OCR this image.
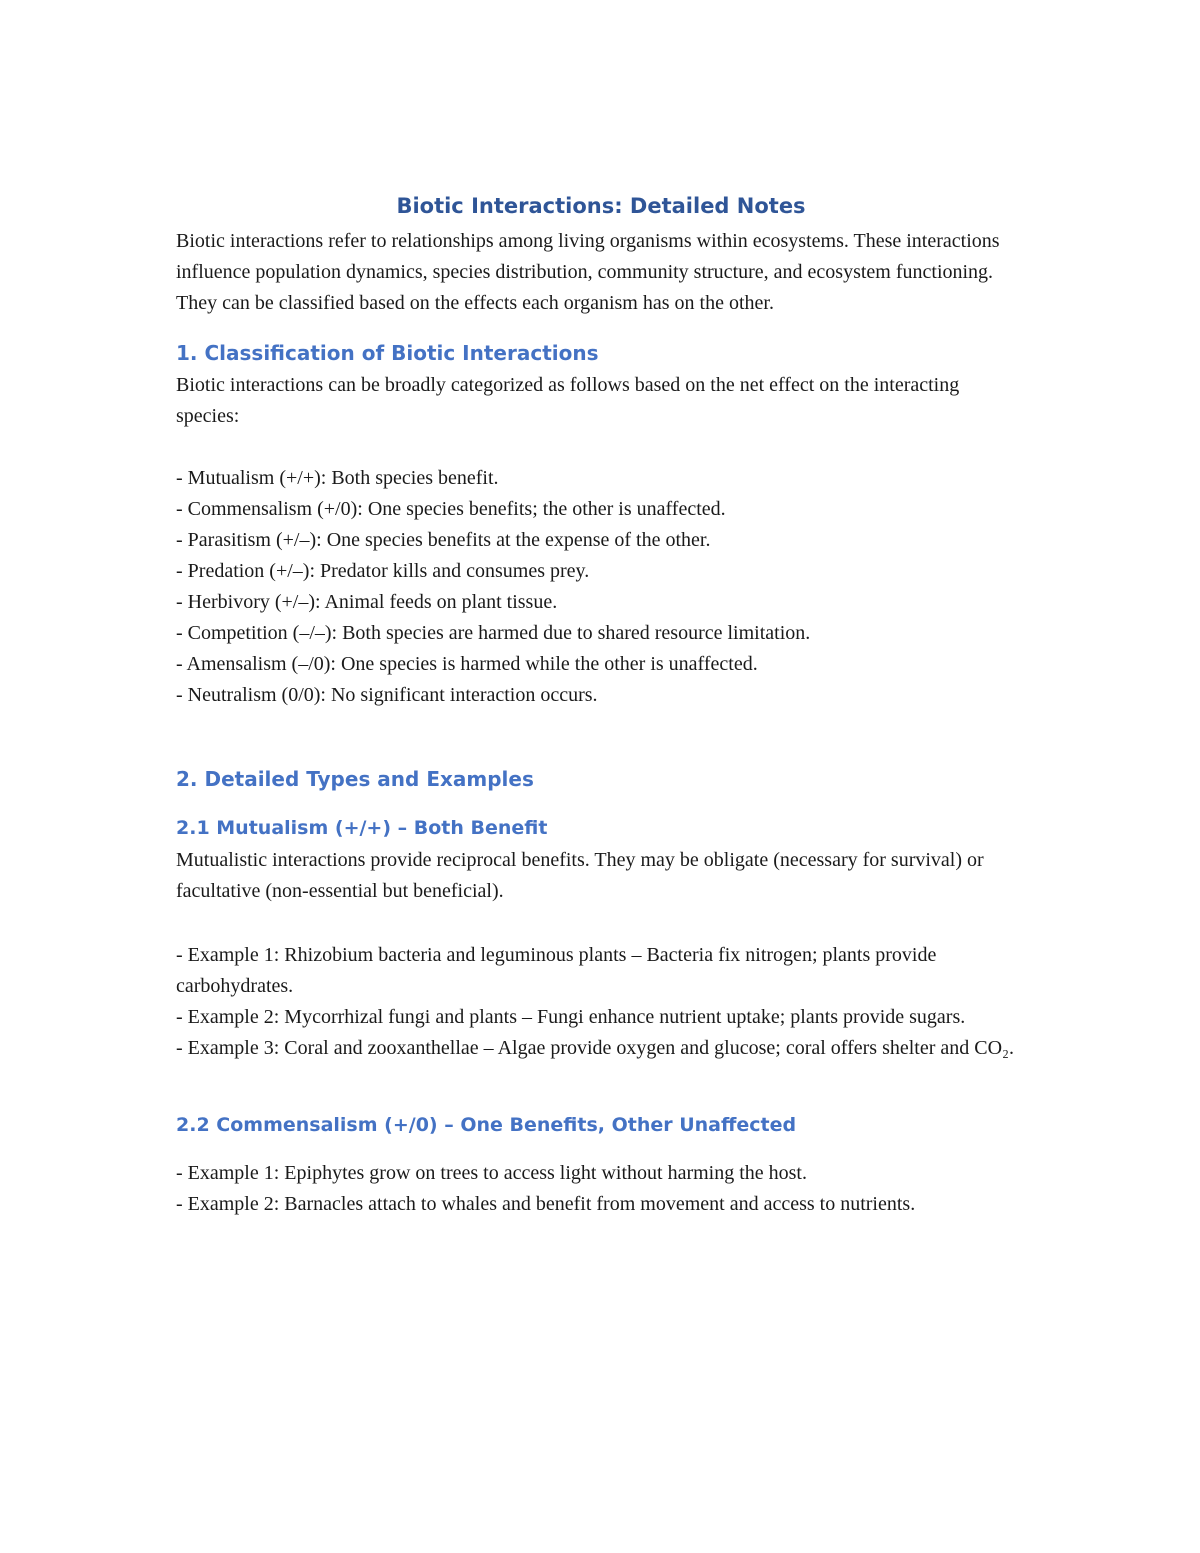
Biotic Interactions: Detailed Notes

Biotic interactions refer to relationships among living organisms within ecosystems. These interactions influence population dynamics, species distribution, community structure, and ecosystem functioning. They can be classified based on the effects each organism has on the other.

1. Classification of Biotic Interactions

Biotic interactions can be broadly categorized as follows based on the net effect on the interacting species:

- Mutualism (+/+): Both species benefit.
- Commensalism (+/0): One species benefits; the other is unaffected.
- Parasitism (+/–): One species benefits at the expense of the other.
- Predation (+/–): Predator kills and consumes prey.
- Herbivory (+/–): Animal feeds on plant tissue.
- Competition (–/–): Both species are harmed due to shared resource limitation.
- Amensalism (–/0): One species is harmed while the other is unaffected.
- Neutralism (0/0): No significant interaction occurs.
2. Detailed Types and Examples
2.1 Mutualism (+/+) – Both Benefit

Mutualistic interactions provide reciprocal benefits. They may be obligate (necessary for survival) or facultative (non-essential but beneficial).

- Example 1: Rhizobium bacteria and leguminous plants – Bacteria fix nitrogen; plants provide carbohydrates.

- Example 2: Mycorrhizal fungi and plants – Fungi enhance nutrient uptake; plants provide sugars.

- Example 3: Coral and zooxanthellae – Algae provide oxygen and glucose; coral offers shelter and CO₂.

2.2 Commensalism (+/0) – One Benefits, Other Unaffected

- Example 1: Epiphytes grow on trees to access light without harming the host.

- Example 2: Barnacles attach to whales and benefit from movement and access to nutrients.
